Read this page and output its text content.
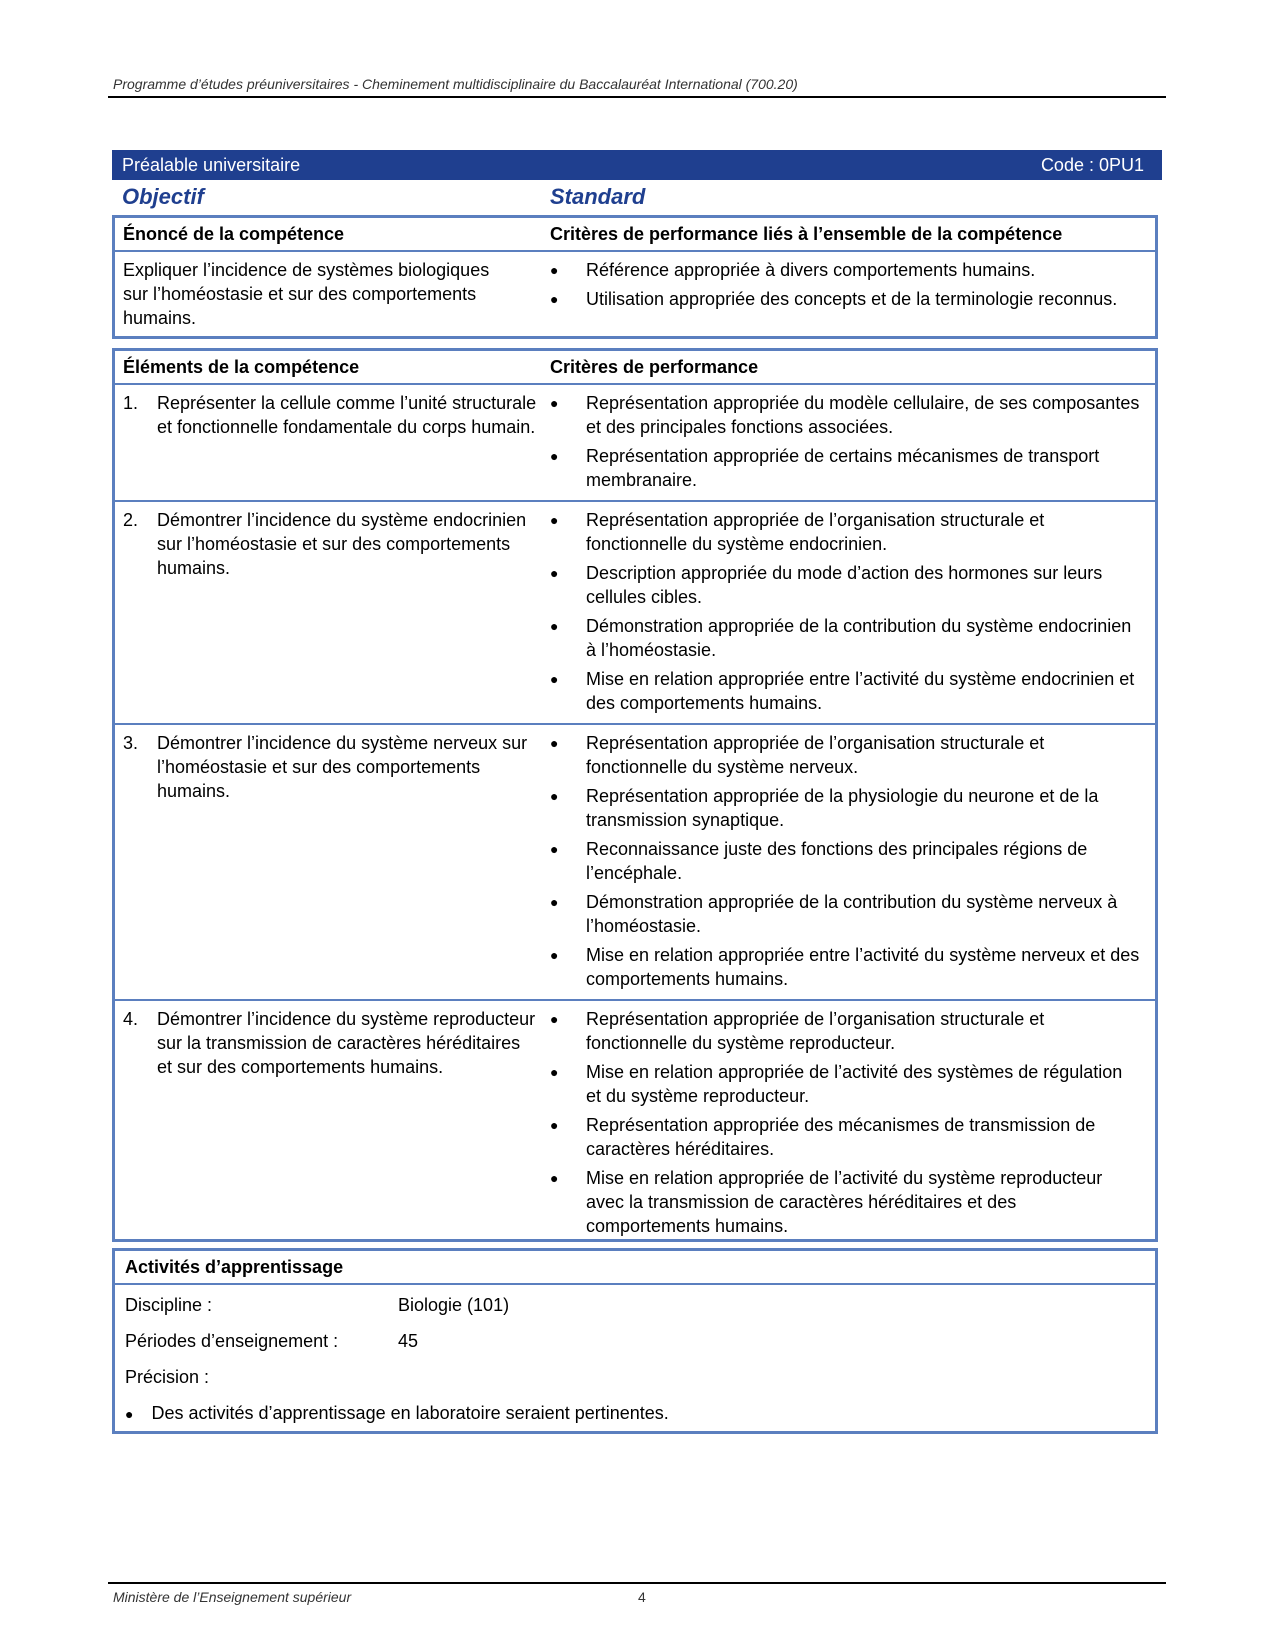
Programme d’études préuniversitaires - Cheminement multidisciplinaire du Baccalauréat International (700.20)
Préalable universitaire	Code : 0PU1
Objectif	Standard
Énoncé de la compétence	Critères de performance liés à l’ensemble de la compétence
Expliquer l’incidence de systèmes biologiques sur l’homéostasie et sur des comportements humains.
● Référence appropriée à divers comportements humains.
● Utilisation appropriée des concepts et de la terminologie reconnus.
Éléments de la compétence	Critères de performance
1. Représenter la cellule comme l’unité structurale et fonctionnelle fondamentale du corps humain.
● Représentation appropriée du modèle cellulaire, de ses composantes et des principales fonctions associées.
● Représentation appropriée de certains mécanismes de transport membranaire.
2. Démontrer l’incidence du système endocrinien sur l’homéostasie et sur des comportements humains.
● Représentation appropriée de l’organisation structurale et fonctionnelle du système endocrinien.
● Description appropriée du mode d’action des hormones sur leurs cellules cibles.
● Démonstration appropriée de la contribution du système endocrinien à l’homéostasie.
● Mise en relation appropriée entre l’activité du système endocrinien et des comportements humains.
3. Démontrer l’incidence du système nerveux sur l’homéostasie et sur des comportements humains.
● Représentation appropriée de l’organisation structurale et fonctionnelle du système nerveux.
● Représentation appropriée de la physiologie du neurone et de la transmission synaptique.
● Reconnaissance juste des fonctions des principales régions de l’encéphale.
● Démonstration appropriée de la contribution du système nerveux à l’homéostasie.
● Mise en relation appropriée entre l’activité du système nerveux et des comportements humains.
4. Démontrer l’incidence du système reproducteur sur la transmission de caractères héréditaires et sur des comportements humains.
● Représentation appropriée de l’organisation structurale et fonctionnelle du système reproducteur.
● Mise en relation appropriée de l’activité des systèmes de régulation et du système reproducteur.
● Représentation appropriée des mécanismes de transmission de caractères héréditaires.
● Mise en relation appropriée de l’activité du système reproducteur avec la transmission de caractères héréditaires et des comportements humains.
Activités d’apprentissage
Discipline :	Biologie (101)
Périodes d’enseignement :	45
Précision :
● Des activités d’apprentissage en laboratoire seraient pertinentes.
Ministère de l’Enseignement supérieur	4
